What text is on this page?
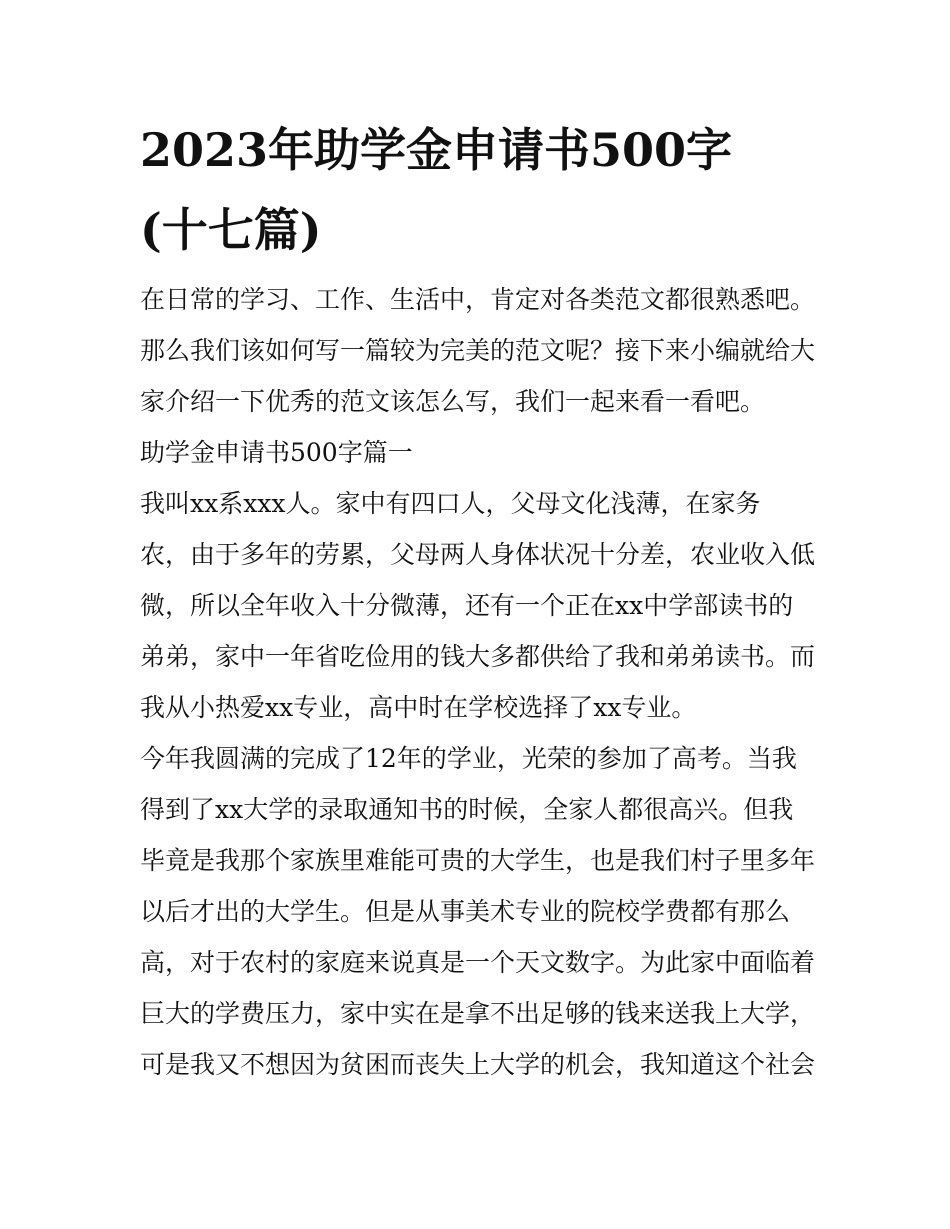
2023年助学金申请书500字
(十七篇)
在日常的学习、工作、生活中，肯定对各类范文都很熟悉吧。
那么我们该如何写一篇较为完美的范文呢？接下来小编就给大
家介绍一下优秀的范文该怎么写，我们一起来看一看吧。
助学金申请书500字篇一
我叫xx系xxx人。家中有四口人，父母文化浅薄，在家务
农，由于多年的劳累，父母两人身体状况十分差，农业收入低
微，所以全年收入十分微薄，还有一个正在xx中学部读书的
弟弟，家中一年省吃俭用的钱大多都供给了我和弟弟读书。而
我从小热爱xx专业，高中时在学校选择了xx专业。
今年我圆满的完成了12年的学业，光荣的参加了高考。当我
得到了xx大学的录取通知书的时候，全家人都很高兴。但我
毕竟是我那个家族里难能可贵的大学生，也是我们村子里多年
以后才出的大学生。但是从事美术专业的院校学费都有那么
高，对于农村的家庭来说真是一个天文数字。为此家中面临着
巨大的学费压力，家中实在是拿不出足够的钱来送我上大学，
可是我又不想因为贫困而丧失上大学的机会，我知道这个社会
